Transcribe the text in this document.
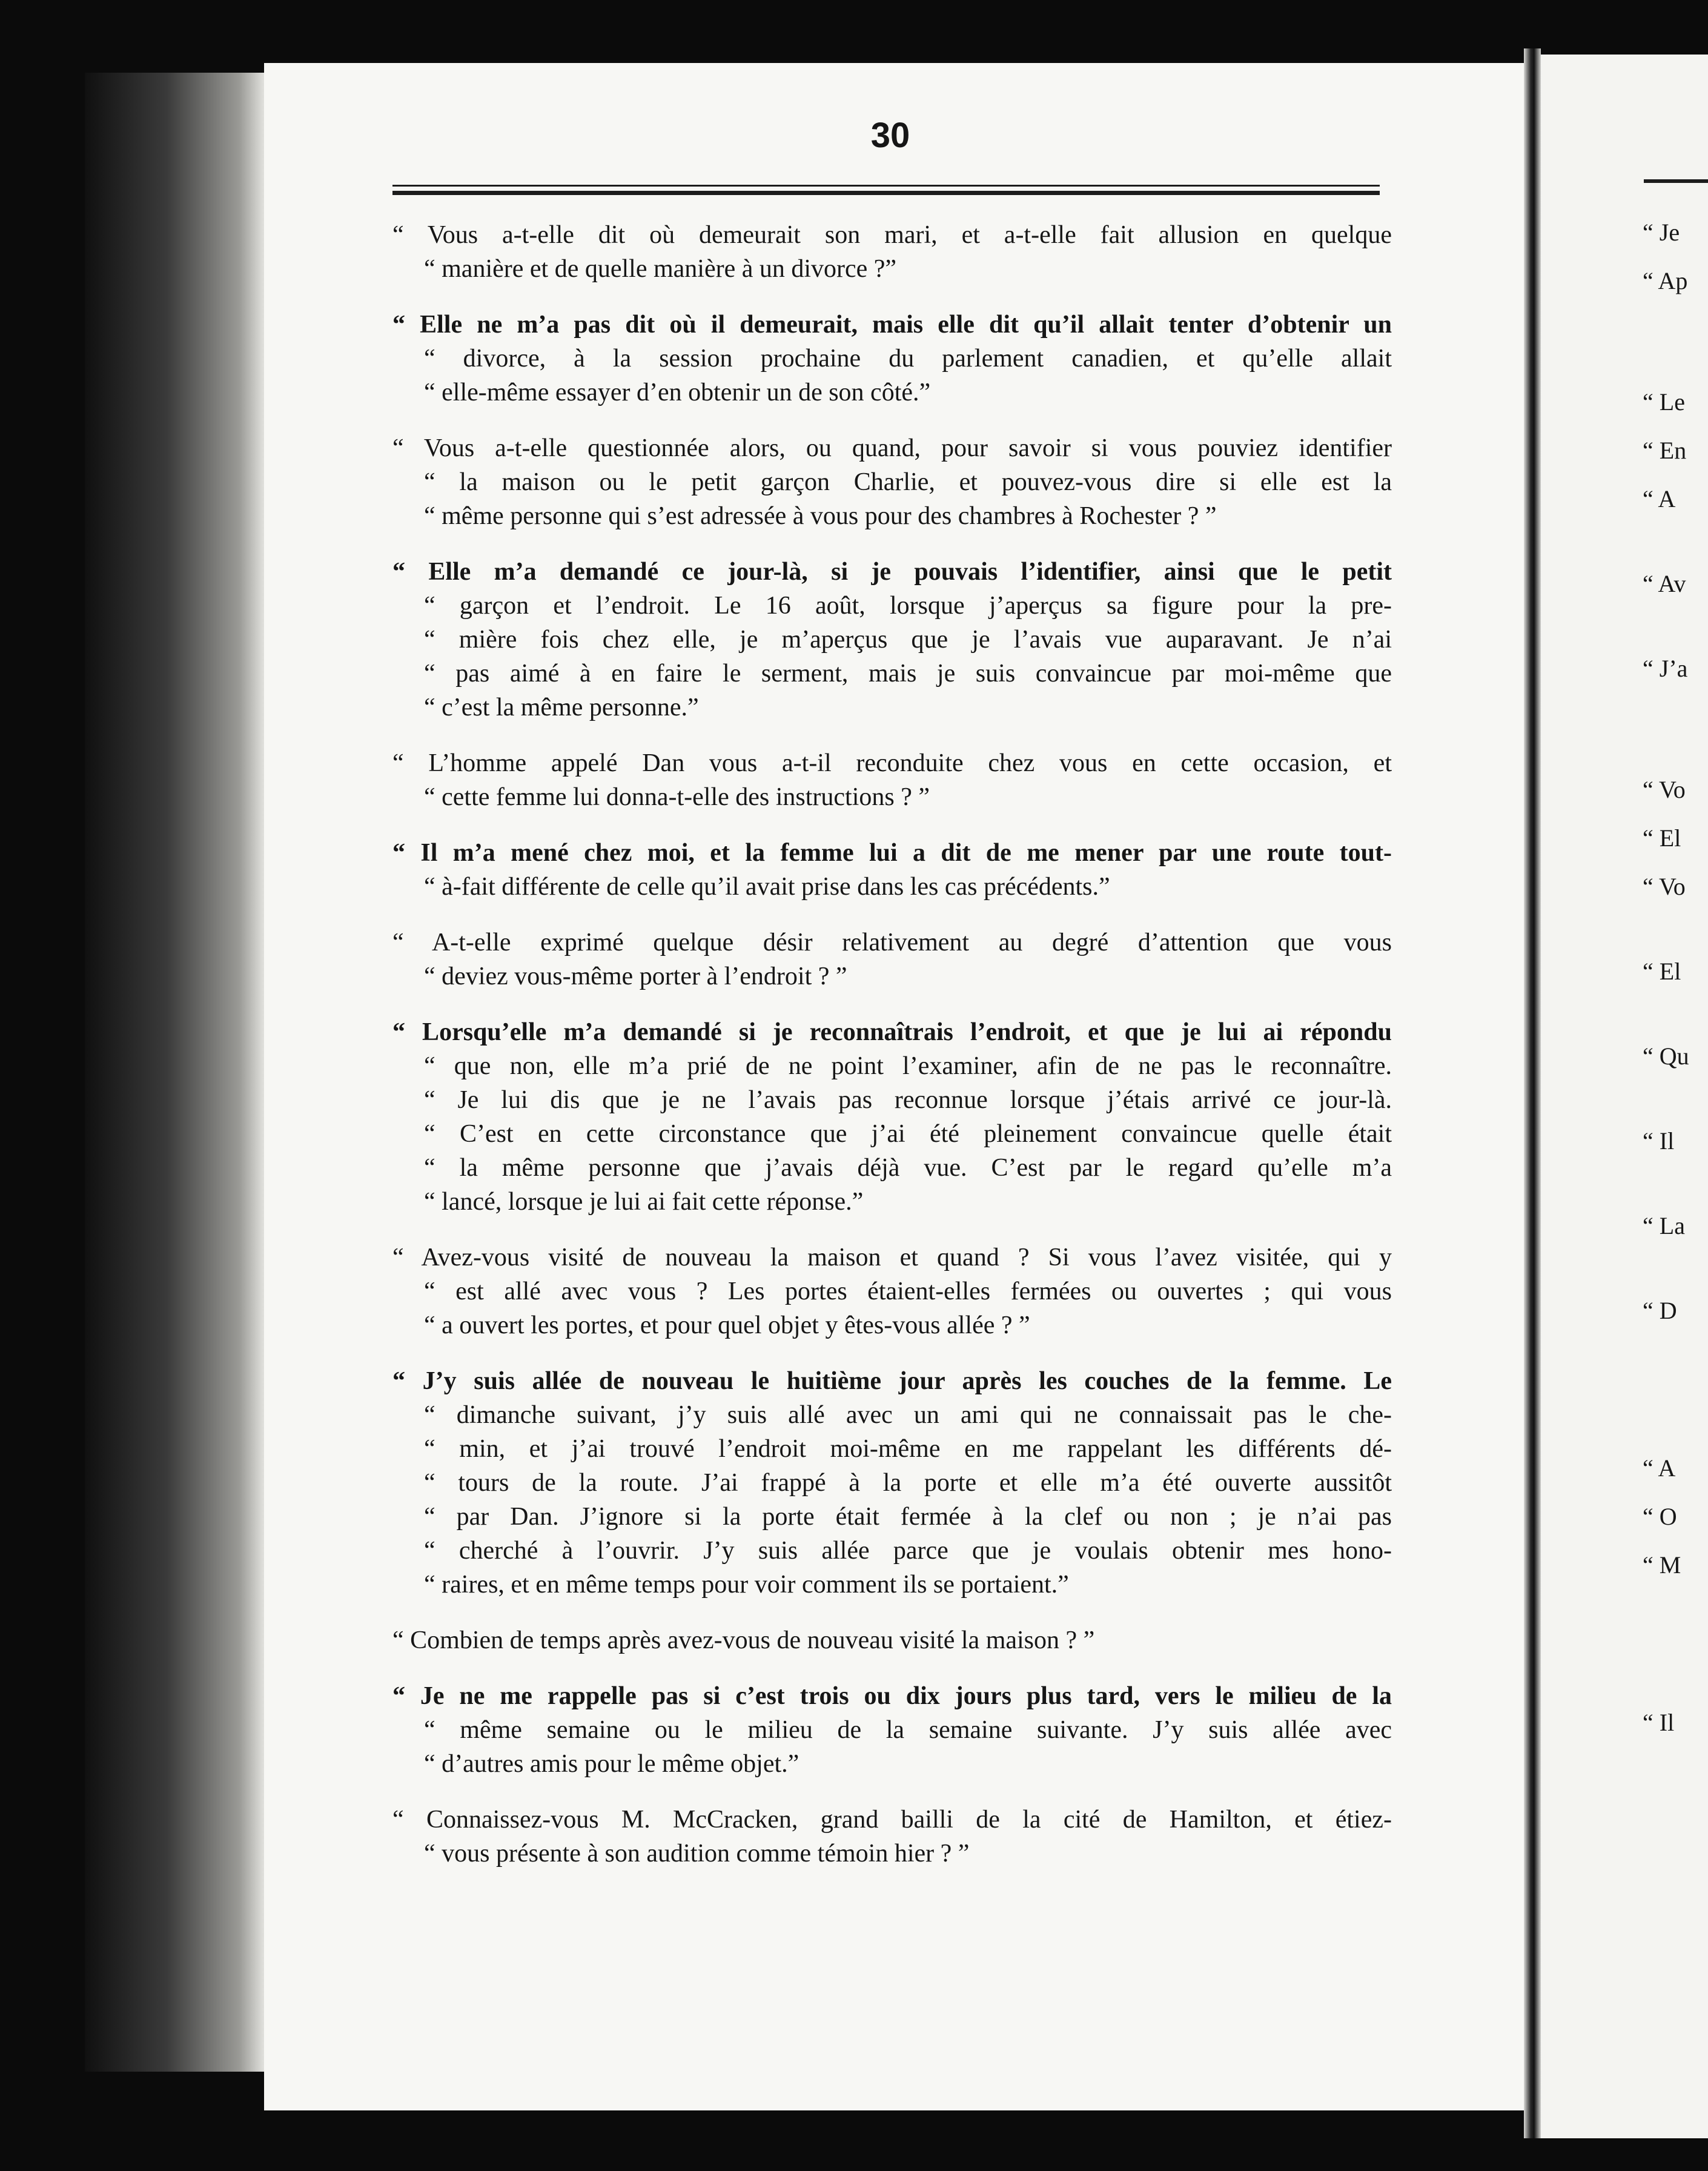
30
“ Vous a-t-elle dit où demeurait son mari, et a-t-elle fait allusion en quelque
“ manière et de quelle manière à un divorce ?”
“ Elle ne m’a pas dit où il demeurait, mais elle dit qu’il allait tenter d’obtenir un
“ divorce, à la session prochaine du parlement canadien, et qu’elle allait
“ elle-même essayer d’en obtenir un de son côté.”
“ Vous a-t-elle questionnée alors, ou quand, pour savoir si vous pouviez identifier
“ la maison ou le petit garçon Charlie, et pouvez-vous dire si elle est la
“ même personne qui s’est adressée à vous pour des chambres à Rochester ? ”
“ Elle m’a demandé ce jour-là, si je pouvais l’identifier, ainsi que le petit
“ garçon et l’endroit. Le 16 août, lorsque j’aperçus sa figure pour la pre-
“ mière fois chez elle, je m’aperçus que je l’avais vue auparavant. Je n’ai
“ pas aimé à en faire le serment, mais je suis convaincue par moi-même que
“ c’est la même personne.”
“ L’homme appelé Dan vous a-t-il reconduite chez vous en cette occasion, et
“ cette femme lui donna-t-elle des instructions ? ”
“ Il m’a mené chez moi, et la femme lui a dit de me mener par une route tout-
“ à-fait différente de celle qu’il avait prise dans les cas précédents.”
“ A-t-elle exprimé quelque désir relativement au degré d’attention que vous
“ deviez vous-même porter à l’endroit ? ”
“ Lorsqu’elle m’a demandé si je reconnaîtrais l’endroit, et que je lui ai répondu
“ que non, elle m’a prié de ne point l’examiner, afin de ne pas le reconnaître.
“ Je lui dis que je ne l’avais pas reconnue lorsque j’étais arrivé ce jour-là.
“ C’est en cette circonstance que j’ai été pleinement convaincue quelle était
“ la même personne que j’avais déjà vue. C’est par le regard qu’elle m’a
“ lancé, lorsque je lui ai fait cette réponse.”
“ Avez-vous visité de nouveau la maison et quand ? Si vous l’avez visitée, qui y
“ est allé avec vous ? Les portes étaient-elles fermées ou ouvertes ; qui vous
“ a ouvert les portes, et pour quel objet y êtes-vous allée ? ”
“ J’y suis allée de nouveau le huitième jour après les couches de la femme. Le
“ dimanche suivant, j’y suis allé avec un ami qui ne connaissait pas le che-
“ min, et j’ai trouvé l’endroit moi-même en me rappelant les différents dé-
“ tours de la route. J’ai frappé à la porte et elle m’a été ouverte aussitôt
“ par Dan. J’ignore si la porte était fermée à la clef ou non ; je n’ai pas
“ cherché à l’ouvrir. J’y suis allée parce que je voulais obtenir mes hono-
“ raires, et en même temps pour voir comment ils se portaient.”
“ Combien de temps après avez-vous de nouveau visité la maison ? ”
“ Je ne me rappelle pas si c’est trois ou dix jours plus tard, vers le milieu de la
“ même semaine ou le milieu de la semaine suivante. J’y suis allée avec
“ d’autres amis pour le même objet.”
“ Connaissez-vous M. McCracken, grand bailli de la cité de Hamilton, et étiez-
“ vous présente à son audition comme témoin hier ? ”
“ Je
“ Ap
“ Le
“ En
“ A
“ Av
“ J’a
“ Vo
“ El
“ Vo
“ El
“ Qu
“ Il
“ La
“ D
“ A
“ O
“ M
“ Il
